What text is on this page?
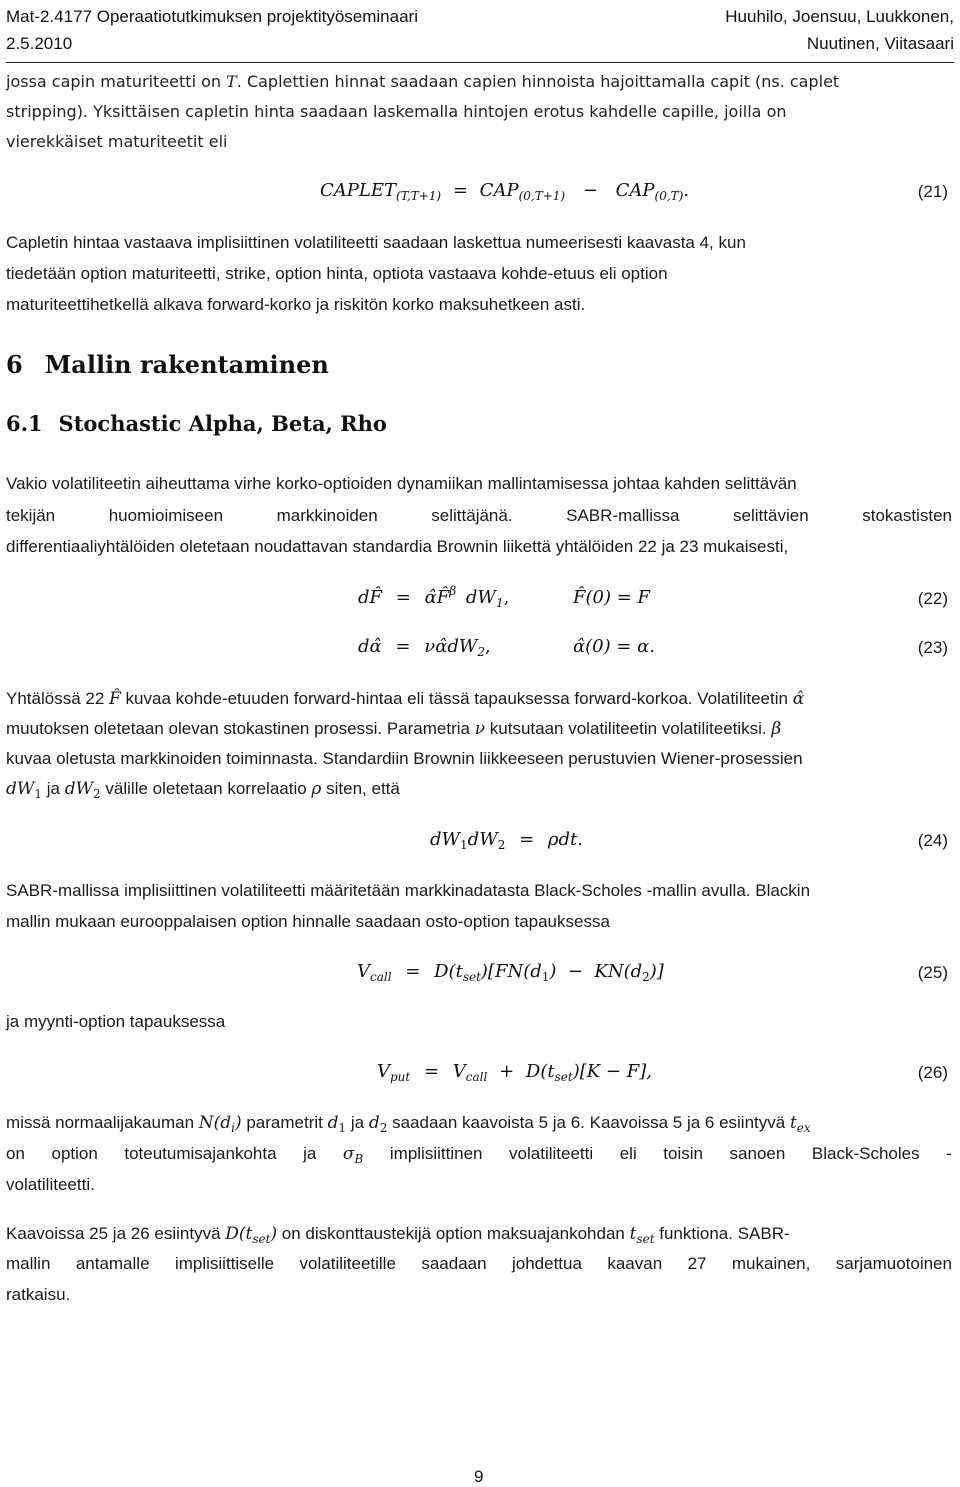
Mat-2.4177 Operaatiotutkimuksen projektityöseminaari
2.5.2010
Huuhilo, Joensuu, Luukkonen,
Nuutinen, Viitasaari
jossa capin maturiteetti on T. Caplettien hinnat saadaan capien hinnoista hajoittamalla capit (ns. caplet
stripping). Yksittäisen capletin hinta saadaan laskemalla hintojen erotus kahdelle capille, joilla on
vierekkäiset maturiteetit eli
$CAPLET_{(T,T+1)} = CAP_{(0,T+1)} - CAP_{(0,T)}$.	(21)
Capletin hintaa vastaava implisiittinen volatiliteetti saadaan laskettua numeerisesti kaavasta 4, kun
tiedetään option maturiteetti, strike, option hinta, optiota vastaava kohde-etuus eli option
maturiteettihetkellä alkava forward-korko ja riskitön korko maksuhetkeen asti.
6 Mallin rakentaminen
6.1 Stochastic Alpha, Beta, Rho
Vakio volatiliteetin aiheuttama virhe korko-optioiden dynamiikan mallintamisessa johtaa kahden selittävän
tekijän	huomioimiseen	markkinoiden	selittäjänä.	SABR-mallissa	selittävien	stokastisten
differentiaaliyhtälöiden oletetaan noudattavan standardia Brownin liikettä yhtälöiden 22 ja 23 mukaisesti,
dF̂ = α̂F̂$^\beta$ $dW_1$,	F̂(0) = F	(22)
dα̂ = $\nu\alphâdW_2$,	α̂(0) = α.	(23)
Yhtälössä 22 F̂ kuvaa kohde-etuuden forward-hintaa eli tässä tapauksessa forward-korkoa. Volatiliteetin α̂
muutoksen oletetaan olevan stokastinen prosessi. Parametria ν kutsutaan volatiliteetin volatiliteetiksi. β
kuvaa oletusta markkinoiden toiminnasta. Standardiin Brownin liikkeeseen perustuvien Wiener-prosessien
$dW_1$ ja $dW_2$ välille oletetaan korrelaatio ρ siten, että
$dW_1dW_2 = \rho dt$.	(24)
SABR-mallissa implisiittinen volatiliteetti määritetään markkinadatasta Black-Scholes -mallin avulla. Blackin
mallin mukaan eurooppalaisen option hinnalle saadaan osto-option tapauksessa
$V_{call} = D(t_{set})[FN(d_1) - KN(d_2)]$	(25)
ja myynti-option tapauksessa
$V_{put} = V_{call} + D(t_{set})[K - F]$,	(26)
missä normaalijakauman $N(d_i)$ parametrit $d_1$ ja $d_2$ saadaan kaavoista 5 ja 6. Kaavoissa 5 ja 6 esiintyvä $t_{ex}$
on option toteutumisajankohta ja $\sigma_B$ implisiittinen volatiliteetti eli toisin sanoen Black-Scholes -
volatiliteetti.
Kaavoissa 25 ja 26 esiintyvä $D(t_{set})$ on diskonttaustekijä option maksuajankohdan $t_{set}$ funktiona. SABR-
mallin antamalle implisiittiselle volatiliteetille saadaan johdettua kaavan 27 mukainen, sarjamuotoinen
ratkaisu.
9
